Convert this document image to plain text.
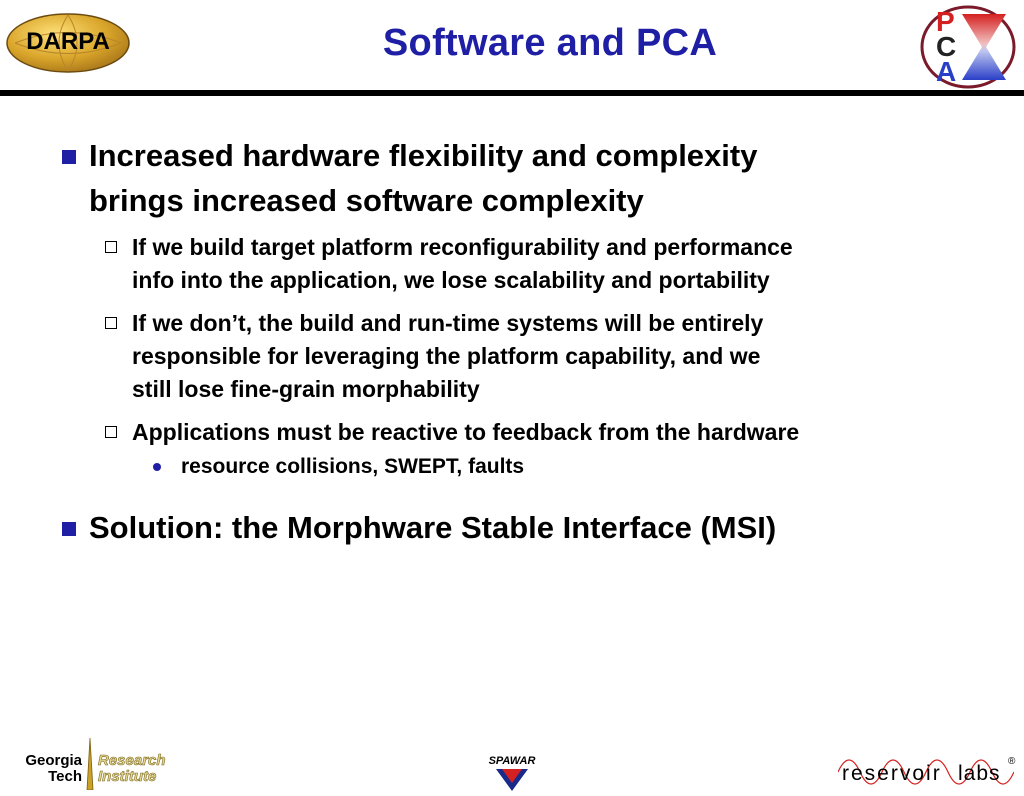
DARPA	Software and PCA
P
C
A
Increased hardware flexibility and complexity
brings increased software complexity
If we build target platform reconfigurability and performance
info into the application, we lose scalability and portability
If we don’t, the build and run-time systems will be entirely
responsible for leveraging the platform capability, and we
still lose fine-grain morphability
Applications must be reactive to feedback from the hardware
resource collisions, SWEPT, faults
Solution: the Morphware Stable Interface (MSI)
Georgia
Tech
Research
Institute
SPAWAR
reservoir labs
®
